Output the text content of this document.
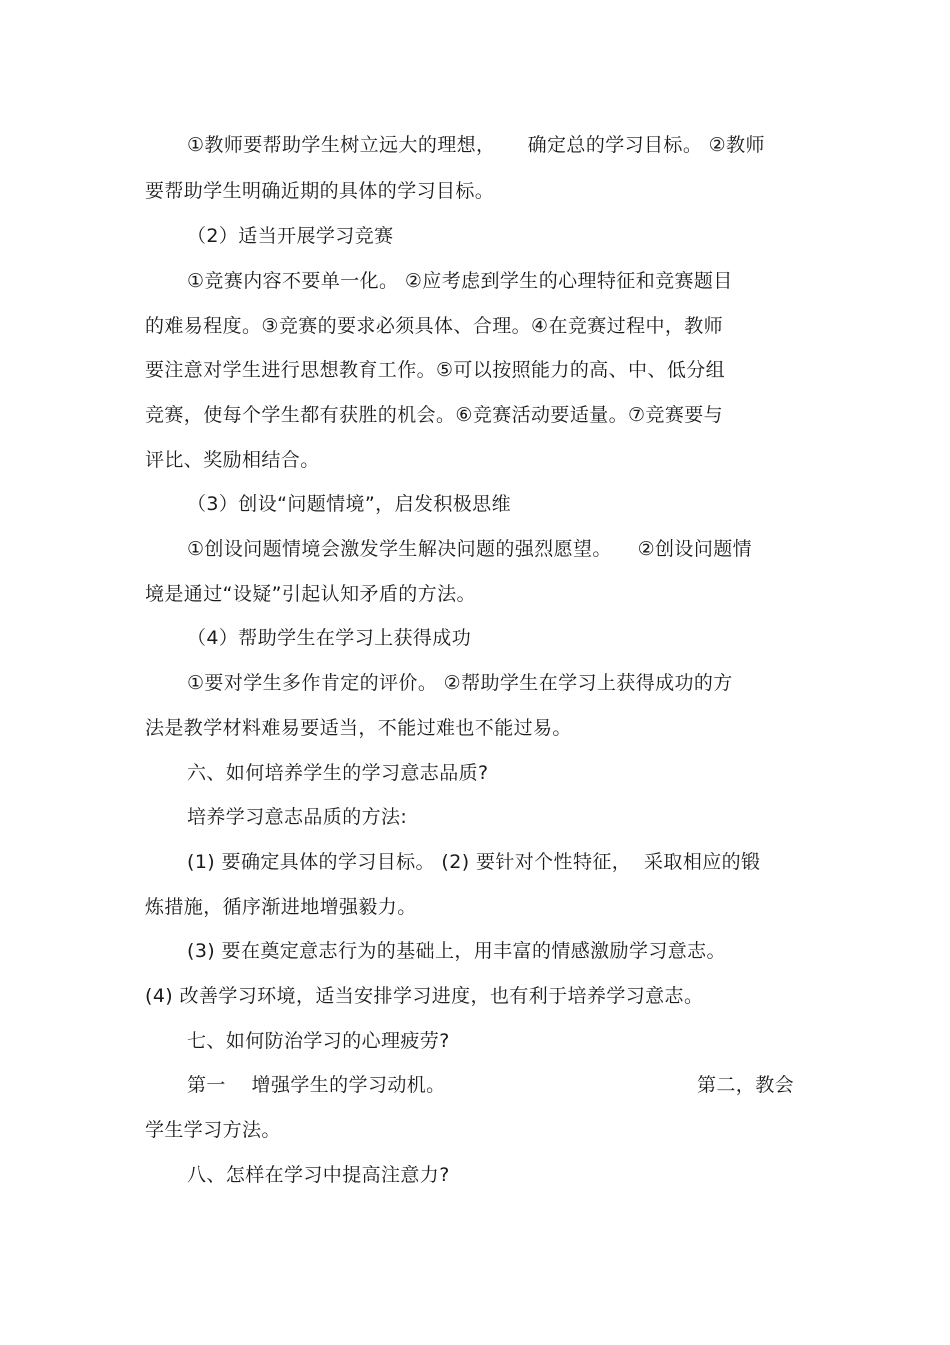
①教师要帮助学生树立远大的理想，     确定总的学习目标。 ②教师

要帮助学生明确近期的具体的学习目标。

（2）适当开展学习竞赛

①竞赛内容不要单一化。 ②应考虑到学生的心理特征和竞赛题目

的难易程度。③竞赛的要求必须具体、合理。④在竞赛过程中，教师

要注意对学生进行思想教育工作。⑤可以按照能力的高、中、低分组

竞赛，使每个学生都有获胜的机会。⑥竞赛活动要适量。⑦竞赛要与

评比、奖励相结合。

（3）创设“问题情境”，启发积极思维

①创设问题情境会激发学生解决问题的强烈愿望。    ②创设问题情

境是通过“设疑”引起认知矛盾的方法。

（4）帮助学生在学习上获得成功

①要对学生多作肯定的评价。 ②帮助学生在学习上获得成功的方

法是教学材料难易要适当，不能过难也不能过易。

六、如何培养学生的学习意志品质?

培养学习意志品质的方法:

(1) 要确定具体的学习目标。 (2) 要针对个性特征，  采取相应的锻

炼措施，循序渐进地增强毅力。

(3) 要在奠定意志行为的基础上，用丰富的情感激励学习意志。

(4) 改善学习环境，适当安排学习进度，也有利于培养学习意志。

七、如何防治学习的心理疲劳?

第一    增强学生的学习动机。	第二，教会

学生学习方法。

八、怎样在学习中提高注意力?
